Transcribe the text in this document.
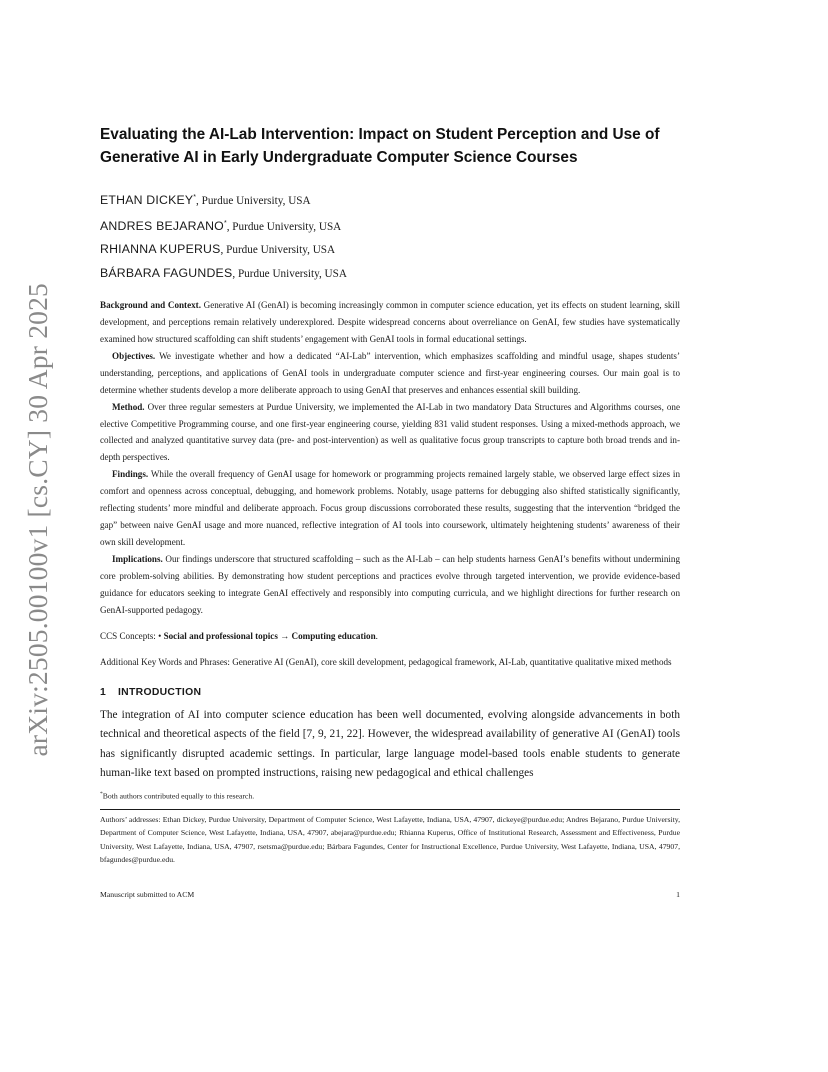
arXiv:2505.00100v1 [cs.CY] 30 Apr 2025
Evaluating the AI-Lab Intervention: Impact on Student Perception and Use of Generative AI in Early Undergraduate Computer Science Courses
ETHAN DICKEY*, Purdue University, USA
ANDRES BEJARANO*, Purdue University, USA
RHIANNA KUPERUS, Purdue University, USA
BÁRBARA FAGUNDES, Purdue University, USA

Background and Context. Generative AI (GenAI) is becoming increasingly common in computer science education, yet its effects on student learning, skill development, and perceptions remain relatively underexplored. Despite widespread concerns about overreliance on GenAI, few studies have systematically examined how structured scaffolding can shift students’ engagement with GenAI tools in formal educational settings.

Objectives. We investigate whether and how a dedicated “AI-Lab” intervention, which emphasizes scaffolding and mindful usage, shapes students’ understanding, perceptions, and applications of GenAI tools in undergraduate computer science and first-year engineering courses. Our main goal is to determine whether students develop a more deliberate approach to using GenAI that preserves and enhances essential skill building.

Method. Over three regular semesters at Purdue University, we implemented the AI-Lab in two mandatory Data Structures and Algorithms courses, one elective Competitive Programming course, and one first-year engineering course, yielding 831 valid student responses. Using a mixed-methods approach, we collected and analyzed quantitative survey data (pre- and post-intervention) as well as qualitative focus group transcripts to capture both broad trends and in-depth perspectives.

Findings. While the overall frequency of GenAI usage for homework or programming projects remained largely stable, we observed large effect sizes in comfort and openness across conceptual, debugging, and homework problems. Notably, usage patterns for debugging also shifted statistically significantly, reflecting students’ more mindful and deliberate approach. Focus group discussions corroborated these results, suggesting that the intervention “bridged the gap” between naive GenAI usage and more nuanced, reflective integration of AI tools into coursework, ultimately heightening students’ awareness of their own skill development.

Implications. Our findings underscore that structured scaffolding – such as the AI-Lab – can help students harness GenAI’s benefits without undermining core problem-solving abilities. By demonstrating how student perceptions and practices evolve through targeted intervention, we provide evidence-based guidance for educators seeking to integrate GenAI effectively and responsibly into computing curricula, and we highlight directions for further research on GenAI-supported pedagogy.

CCS Concepts: • Social and professional topics → Computing education.

Additional Key Words and Phrases: Generative AI (GenAI), core skill development, pedagogical framework, AI-Lab, quantitative qualitative mixed methods

1 INTRODUCTION

The integration of AI into computer science education has been well documented, evolving alongside advancements in both technical and theoretical aspects of the field [7, 9, 21, 22]. However, the widespread availability of generative AI (GenAI) tools has significantly disrupted academic settings. In particular, large language model-based tools enable students to generate human-like text based on prompted instructions, raising new pedagogical and ethical challenges

*Both authors contributed equally to this research.

Authors’ addresses: Ethan Dickey, Purdue University, Department of Computer Science, West Lafayette, Indiana, USA, 47907, dickeye@purdue.edu; Andres Bejarano, Purdue University, Department of Computer Science, West Lafayette, Indiana, USA, 47907, abejara@purdue.edu; Rhianna Kuperus, Office of Institutional Research, Assessment and Effectiveness, Purdue University, West Lafayette, Indiana, USA, 47907, rsetsma@purdue.edu; Bárbara Fagundes, Center for Instructional Excellence, Purdue University, West Lafayette, Indiana, USA, 47907, bfagundes@purdue.edu.

Manuscript submitted to ACM	1
